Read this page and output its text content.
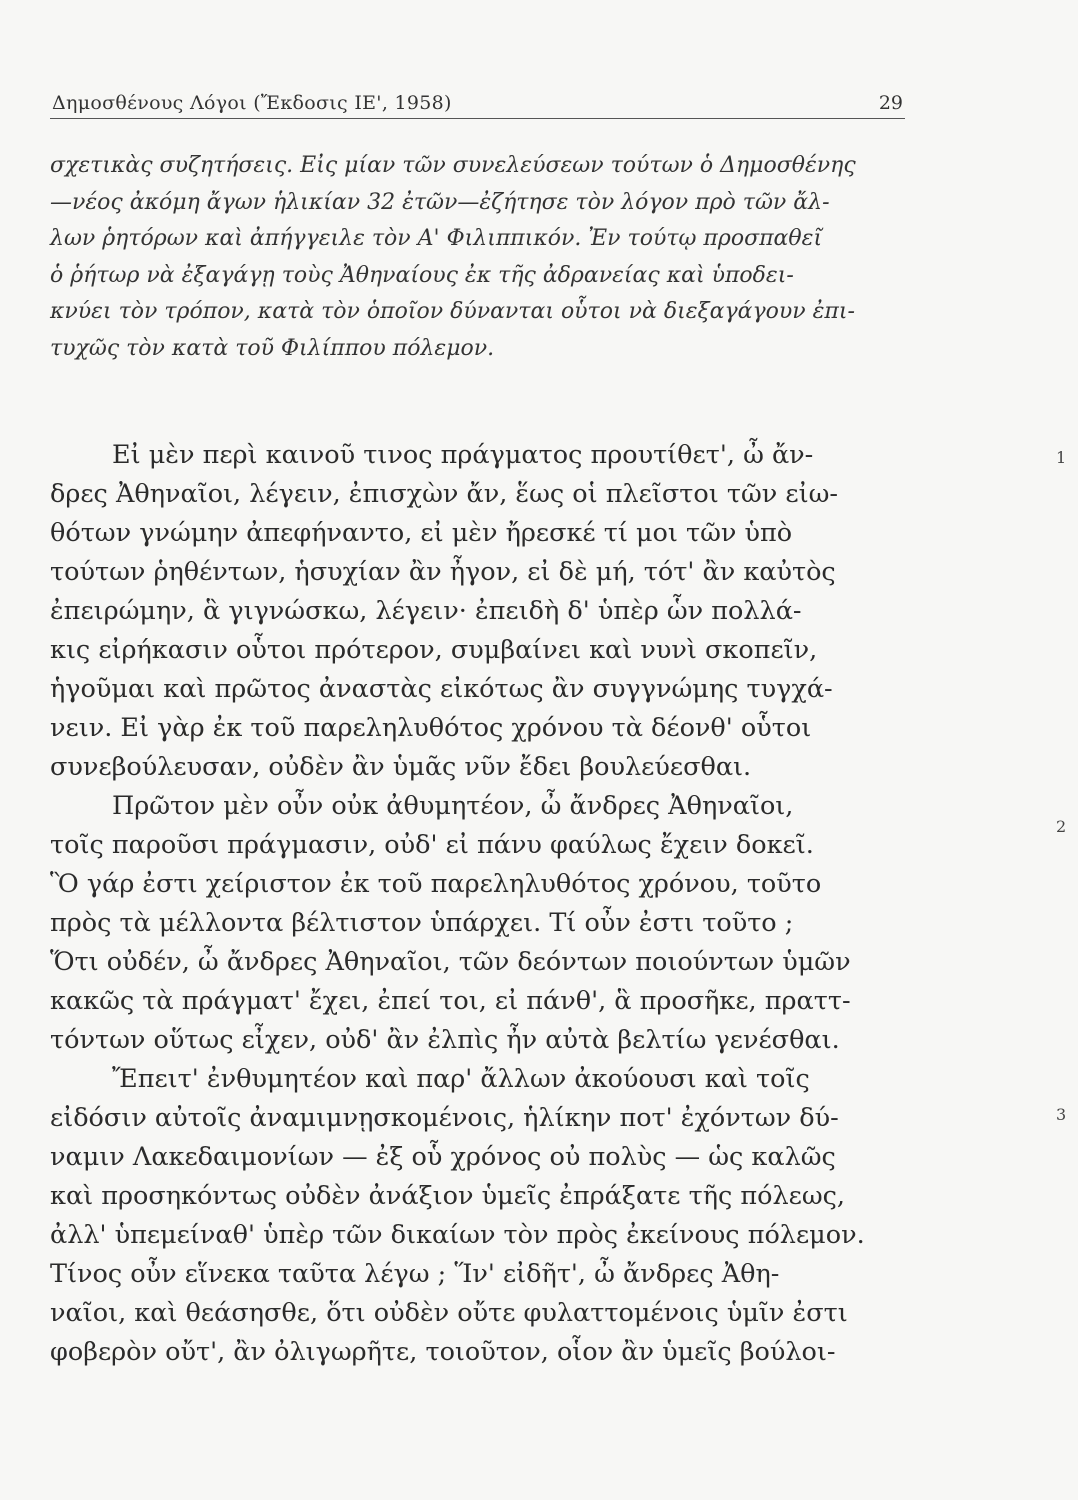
Δημοσθένους Λόγοι (Ἔκδοσις ΙΕ', 1958)	29
σχετικὰς συζητήσεις. Εἰς μίαν τῶν συνελεύσεων τούτων ὁ Δημοσθένης
—νέος ἀκόμη ἄγων ἡλικίαν 32 ἐτῶν—ἐζήτησε τὸν λόγον πρὸ τῶν ἄλ-
λων ῥητόρων καὶ ἀπήγγειλε τὸν Α' Φιλιππικόν. Ἐν τούτῳ προσπαθεῖ
ὁ ῥήτωρ νὰ ἐξαγάγῃ τοὺς Ἀθηναίους ἐκ τῆς ἀδρανείας καὶ ὑποδει-
κνύει τὸν τρόπον, κατὰ τὸν ὁποῖον δύνανται οὗτοι νὰ διεξαγάγουν ἐπι-
τυχῶς τὸν κατὰ τοῦ Φιλίππου πόλεμον.
Εἰ μὲν περὶ καινοῦ τινος πράγματος προυτίθετ', ὦ ἄν-
δρες Ἀθηναῖοι, λέγειν, ἐπισχὼν ἄν, ἕως οἱ πλεῖστοι τῶν εἰω-
θότων γνώμην ἀπεφήναντο, εἰ μὲν ἤρεσκέ τί μοι τῶν ὑπὸ
τούτων ῥηθέντων, ἡσυχίαν ἂν ἦγον, εἰ δὲ μή, τότ' ἂν καὐτὸς
ἐπειρώμην, ἃ γιγνώσκω, λέγειν· ἐπειδὴ δ' ὑπὲρ ὧν πολλά-
κις εἰρήκασιν οὗτοι πρότερον, συμβαίνει καὶ νυνὶ σκοπεῖν,
ἡγοῦμαι καὶ πρῶτος ἀναστὰς εἰκότως ἂν συγγνώμης τυγχά-
νειν. Εἰ γὰρ ἐκ τοῦ παρεληλυθότος χρόνου τὰ δέονθ' οὗτοι
συνεβούλευσαν, οὐδὲν ἂν ὑμᾶς νῦν ἔδει βουλεύεσθαι.
Πρῶτον μὲν οὖν οὐκ ἀθυμητέον, ὦ ἄνδρες Ἀθηναῖοι,
τοῖς παροῦσι πράγμασιν, οὐδ' εἰ πάνυ φαύλως ἔχειν δοκεῖ.
Ὃ γάρ ἐστι χείριστον ἐκ τοῦ παρεληλυθότος χρόνου, τοῦτο
πρὸς τὰ μέλλοντα βέλτιστον ὑπάρχει. Τί οὖν ἐστι τοῦτο ;
Ὅτι οὐδέν, ὦ ἄνδρες Ἀθηναῖοι, τῶν δεόντων ποιούντων ὑμῶν
κακῶς τὰ πράγματ' ἔχει, ἐπεί τοι, εἰ πάνθ', ἃ προσῆκε, πραττ-
τόντων οὕτως εἶχεν, οὐδ' ἂν ἐλπὶς ἦν αὐτὰ βελτίω γενέσθαι.
Ἔπειτ' ἐνθυμητέον καὶ παρ' ἄλλων ἀκούουσι καὶ τοῖς
εἰδόσιν αὐτοῖς ἀναμιμνῃσκομένοις, ἡλίκην ποτ' ἐχόντων δύ-
ναμιν Λακεδαιμονίων — ἐξ οὗ χρόνος οὐ πολὺς — ὡς καλῶς
καὶ προσηκόντως οὐδὲν ἀνάξιον ὑμεῖς ἐπράξατε τῆς πόλεως,
ἀλλ' ὑπεμείναθ' ὑπὲρ τῶν δικαίων τὸν πρὸς ἐκείνους πόλεμον.
Τίνος οὖν εἵνεκα ταῦτα λέγω ; Ἵν' εἰδῆτ', ὦ ἄνδρες Ἀθη-
ναῖοι, καὶ θεάσησθε, ὅτι οὐδὲν οὔτε φυλαττομένοις ὑμῖν ἐστι
φοβερὸν οὔτ', ἂν ὀλιγωρῆτε, τοιοῦτον, οἷον ἂν ὑμεῖς βούλοι-
1
2
3
